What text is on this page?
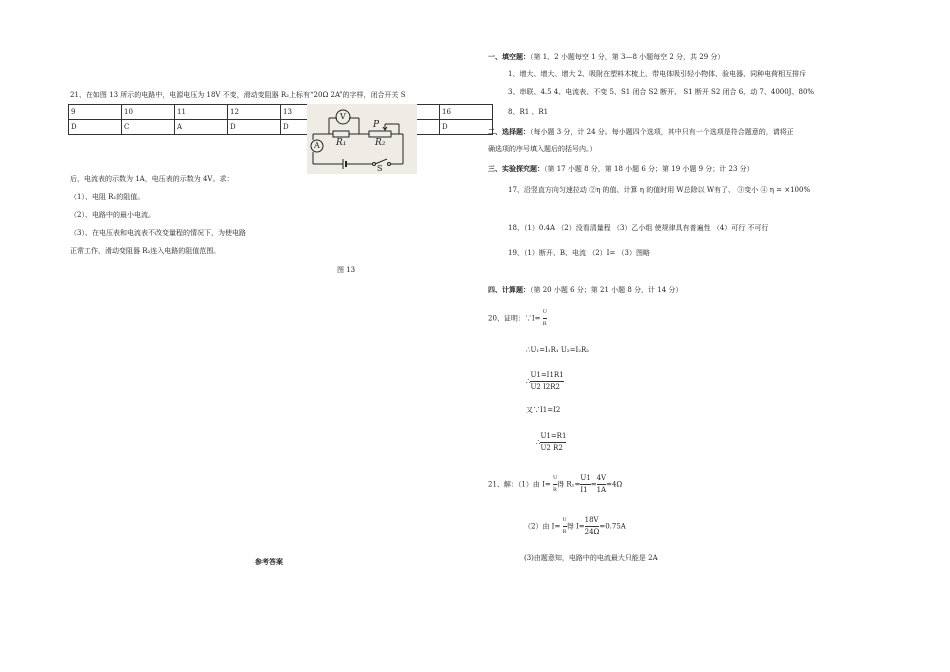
21、在如图 13 所示的电路中，电源电压为 18V 不变，滑动变阻器 R₂上标有“20Ω 2A”的字样，闭合开关 S
9	10	11	12	13			16
D	C	A	D	D			D
V
A
P
R₁	R₂
S
后，电流表的示数为 1A，电压表的示数为 4V。求：
（1）、电阻 R₁的阻值。
（2）、电路中的最小电流。
（3）、在电压表和电流表不改变量程的情况下，为使电路
正常工作，滑动变阻器 R₂连入电路的阻值范围。
图 13
参考答案
一、填空题：（第 1、2 小题每空 1 分，第 3—8 小题每空 2 分，共 29 分）
1、增大、增大、增大 2、吸附在塑料木梳上、带电体吸引轻小物体、验电器、同种电荷相互排斥
3、串联、4.5 4、电流表、不变 5、S1 闭合 S2 断开、 S1 断开 S2 闭合 6、动 7、4000J、80%
8、R1 、R1
二、选择题：（每小题 3 分，计 24 分。每小题四个选项，其中只有一个选项是符合题意的，请将正
确选项的序号填入题后的括号内。）
三、实验探究题：（第 17 小题 8 分，第 18 小题 6 分；第 19 小题 9 分；计 23 分）
17、沿竖直方向匀速拉动 ②η 的值、计算 η 的值时用 W总除以 W有了、 ③变小 ④ η = ×100%
18、（1）0.4A （2）没看清量程 （3）乙小组 使规律具有普遍性 （4）可行 不可行
19、（1）断开、B、电流 （2）I= （3）图略
四、计算题：（第 20 小题 6 分；第 21 小题 8 分，计 14 分）
20、证明：∵I= $\frac{U}{R}$
∴U₁=I₁R₁ U₂=I₂R₂
∴ $\frac{U1=I1R1}{U2 I2R2}$
又∵I1=I2
∴ $\frac{U1=R1}{U2 R2}$
21、解：（1）由 $I= \frac{U}{R}$ 得 $R_1= \frac{U1}{I1} = \frac{4V}{1A} =4\Omega$
（2）由 $I= \frac{U}{R}$ 得 $I= \frac{18V}{24\Omega} =0.75A$
(3)由题意知，电路中的电流最大只能是 2A
